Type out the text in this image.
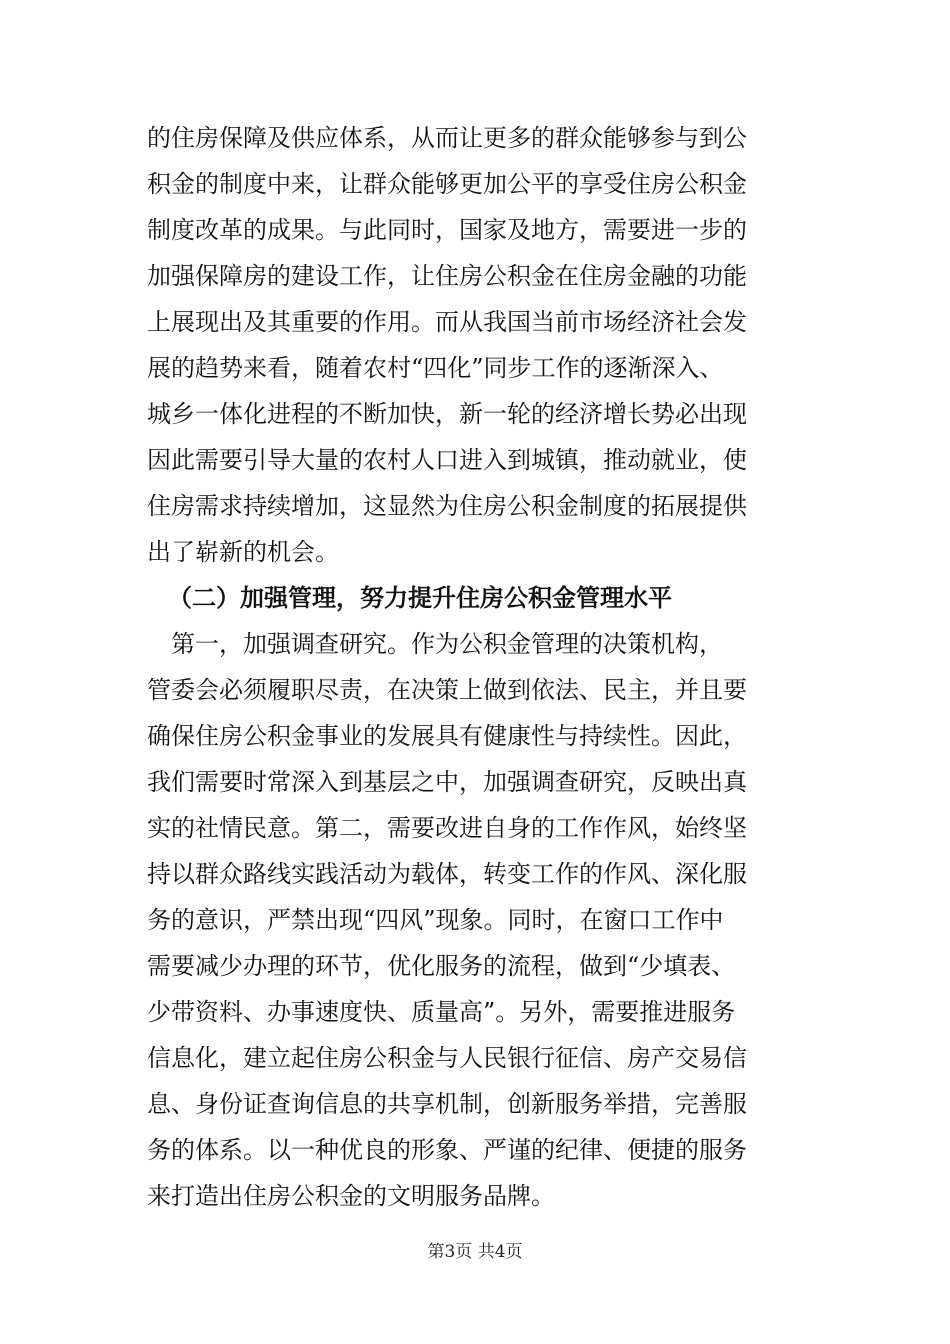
的住房保障及供应体系，从而让更多的群众能够参与到公
积金的制度中来，让群众能够更加公平的享受住房公积金
制度改革的成果。与此同时，国家及地方，需要进一步的
加强保障房的建设工作，让住房公积金在住房金融的功能
上展现出及其重要的作用。而从我国当前市场经济社会发
展的趋势来看，随着农村“四化”同步工作的逐渐深入、
城乡一体化进程的不断加快，新一轮的经济增长势必出现
因此需要引导大量的农村人口进入到城镇，推动就业，使
住房需求持续增加，这显然为住房公积金制度的拓展提供
出了崭新的机会。
（二）加强管理，努力提升住房公积金管理水平
　第一，加强调查研究。作为公积金管理的决策机构，
管委会必须履职尽责，在决策上做到依法、民主，并且要
确保住房公积金事业的发展具有健康性与持续性。因此，
我们需要时常深入到基层之中，加强调查研究，反映出真
实的社情民意。第二，需要改进自身的工作作风，始终坚
持以群众路线实践活动为载体，转变工作的作风、深化服
务的意识，严禁出现“四风”现象。同时，在窗口工作中
需要减少办理的环节，优化服务的流程，做到“少填表、
少带资料、办事速度快、质量高”。另外，需要推进服务
信息化，建立起住房公积金与人民银行征信、房产交易信
息、身份证查询信息的共享机制，创新服务举措，完善服
务的体系。以一种优良的形象、严谨的纪律、便捷的服务
来打造出住房公积金的文明服务品牌。
第3页 共4页
